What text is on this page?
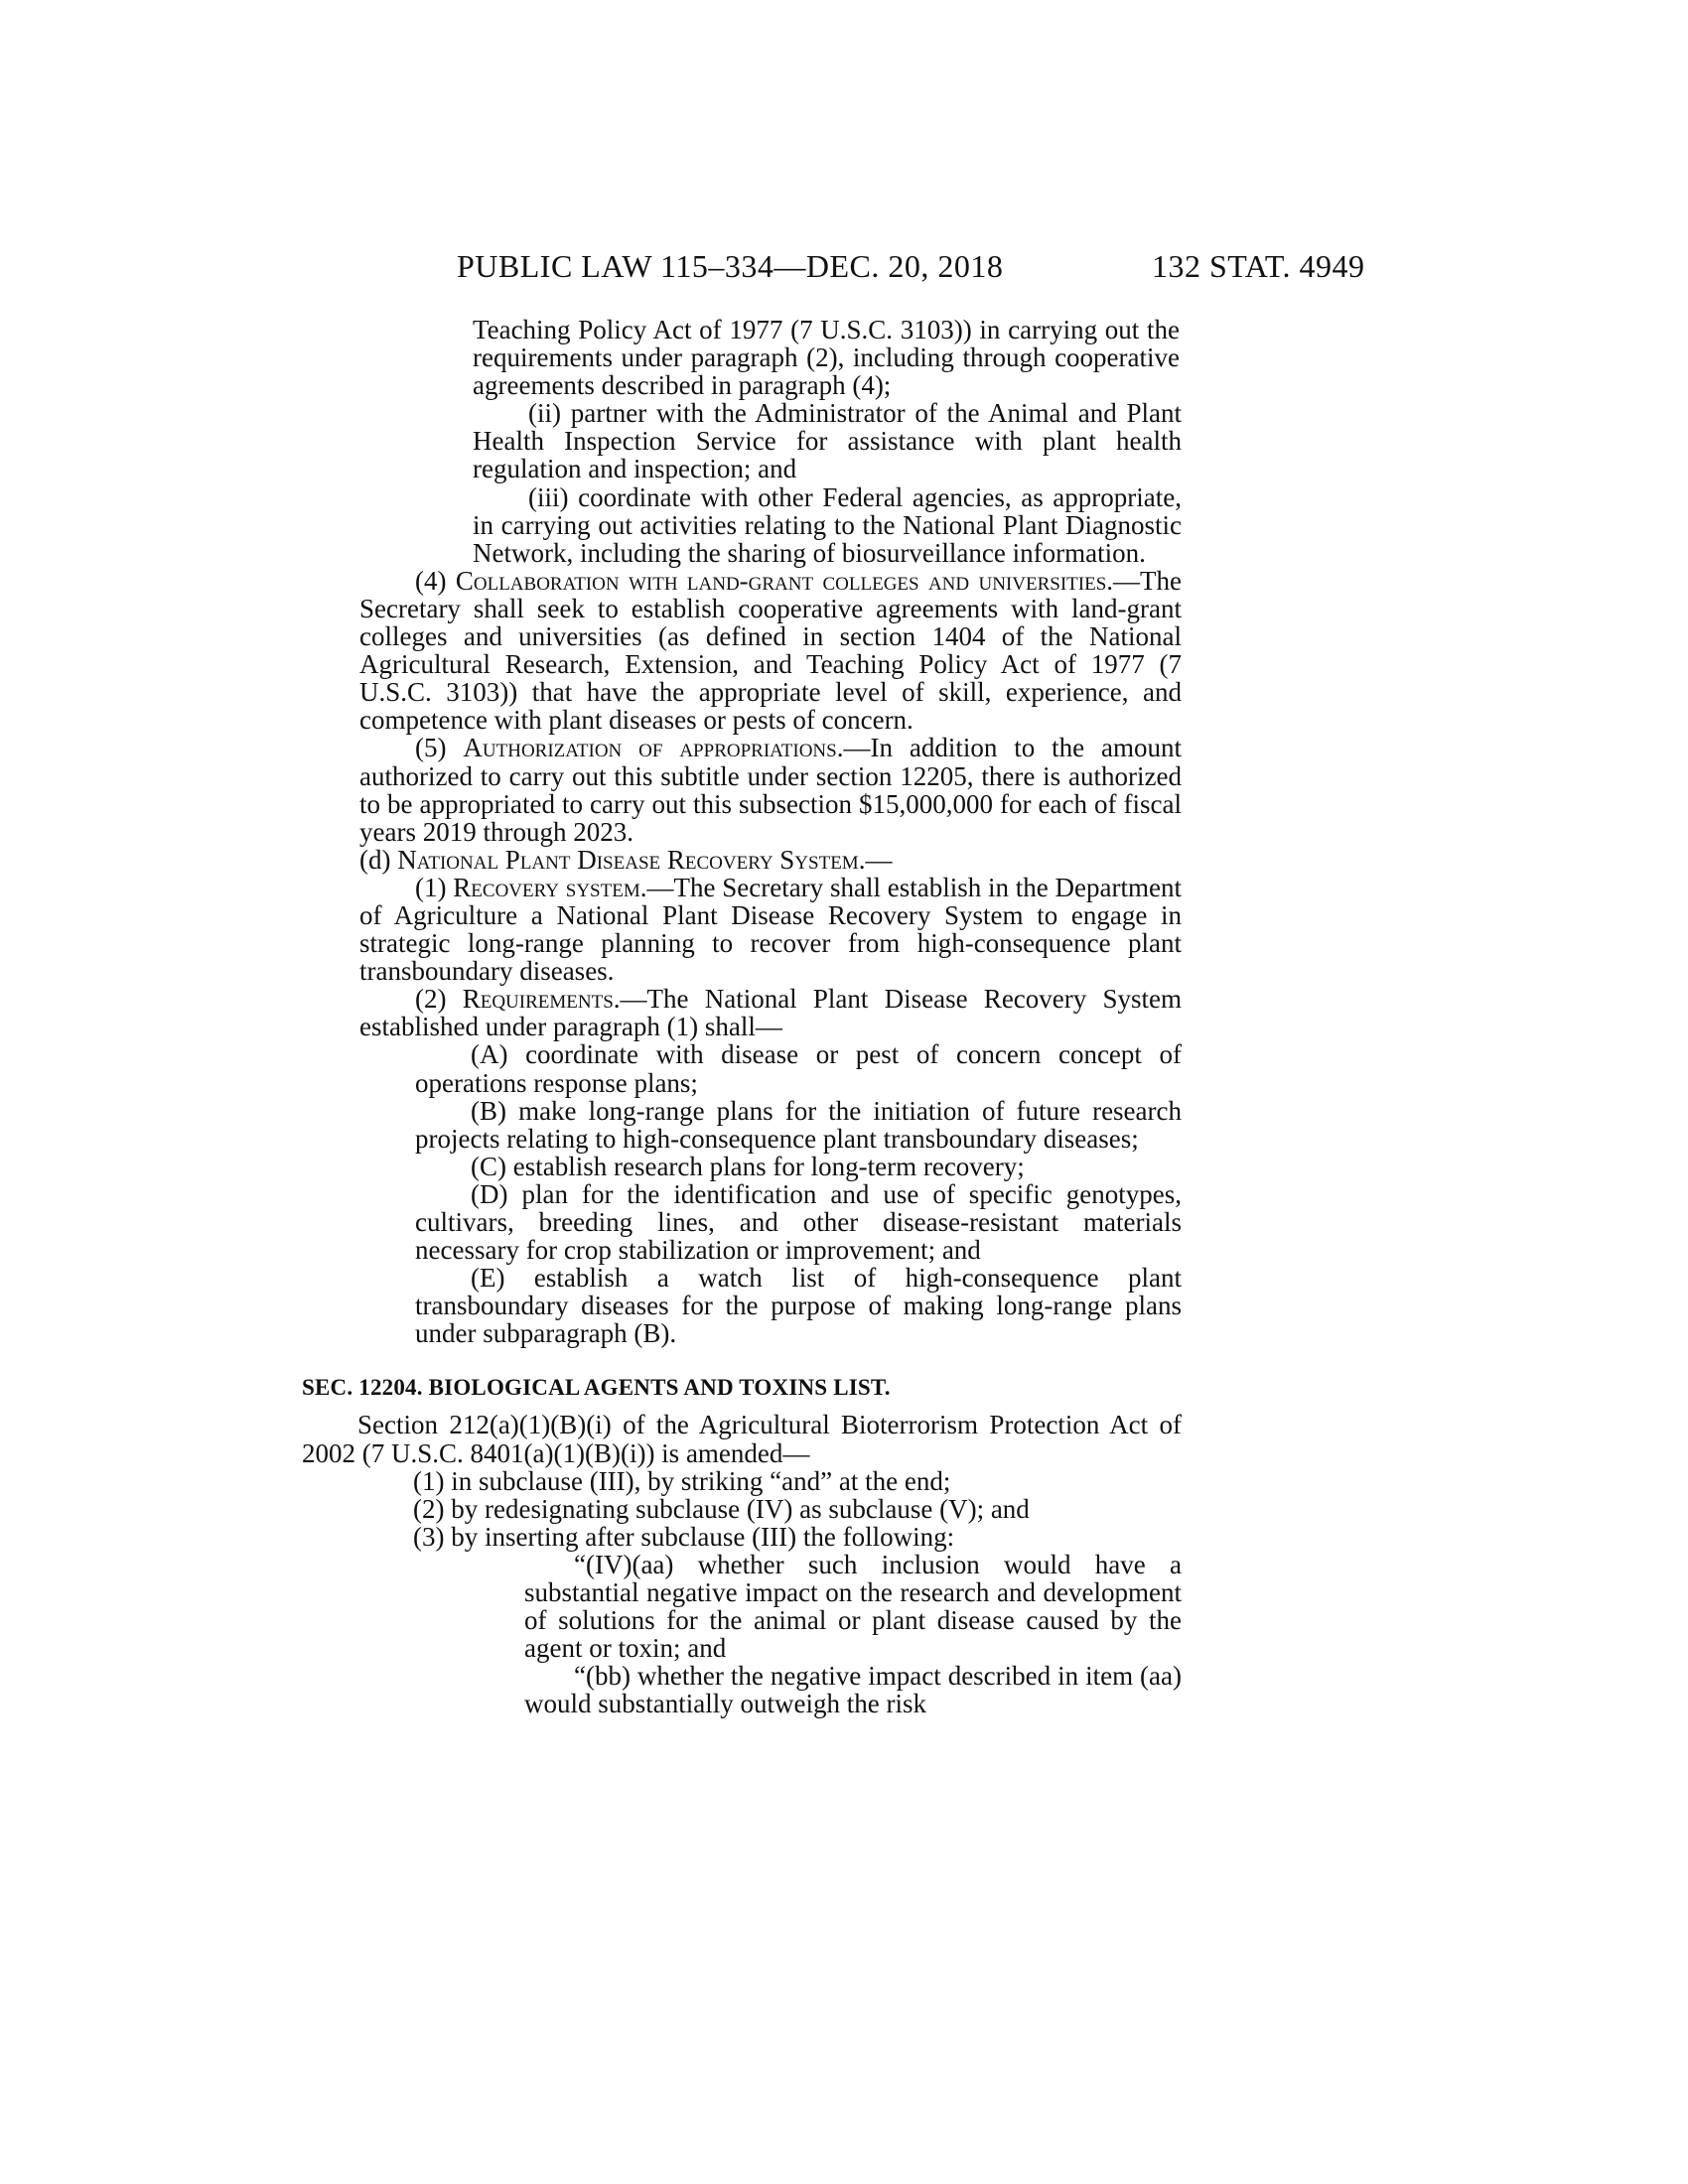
PUBLIC LAW 115–334—DEC. 20, 2018	132 STAT. 4949

Teaching Policy Act of 1977 (7 U.S.C. 3103)) in carrying out the requirements under paragraph (2), including through cooperative agreements described in paragraph (4);

(ii) partner with the Administrator of the Animal and Plant Health Inspection Service for assistance with plant health regulation and inspection; and

(iii) coordinate with other Federal agencies, as appropriate, in carrying out activities relating to the National Plant Diagnostic Network, including the sharing of biosurveillance information.

(4) Collaboration with land-grant colleges and universities.—The Secretary shall seek to establish cooperative agreements with land-grant colleges and universities (as defined in section 1404 of the National Agricultural Research, Extension, and Teaching Policy Act of 1977 (7 U.S.C. 3103)) that have the appropriate level of skill, experience, and competence with plant diseases or pests of concern.

(5) Authorization of appropriations.—In addition to the amount authorized to carry out this subtitle under section 12205, there is authorized to be appropriated to carry out this subsection $15,000,000 for each of fiscal years 2019 through 2023.

(d) National Plant Disease Recovery System.—

(1) Recovery system.—The Secretary shall establish in the Department of Agriculture a National Plant Disease Recovery System to engage in strategic long-range planning to recover from high-consequence plant transboundary diseases.

(2) Requirements.—The National Plant Disease Recovery System established under paragraph (1) shall—

(A) coordinate with disease or pest of concern concept of operations response plans;

(B) make long-range plans for the initiation of future research projects relating to high-consequence plant transboundary diseases;

(C) establish research plans for long-term recovery;

(D) plan for the identification and use of specific genotypes, cultivars, breeding lines, and other disease-resistant materials necessary for crop stabilization or improvement; and

(E) establish a watch list of high-consequence plant transboundary diseases for the purpose of making long-range plans under subparagraph (B).

SEC. 12204. BIOLOGICAL AGENTS AND TOXINS LIST.

Section 212(a)(1)(B)(i) of the Agricultural Bioterrorism Protection Act of 2002 (7 U.S.C. 8401(a)(1)(B)(i)) is amended—

(1) in subclause (III), by striking “and” at the end;

(2) by redesignating subclause (IV) as subclause (V); and

(3) by inserting after subclause (III) the following:

“(IV)(aa) whether such inclusion would have a substantial negative impact on the research and development of solutions for the animal or plant disease caused by the agent or toxin; and

“(bb) whether the negative impact described in item (aa) would substantially outweigh the risk
